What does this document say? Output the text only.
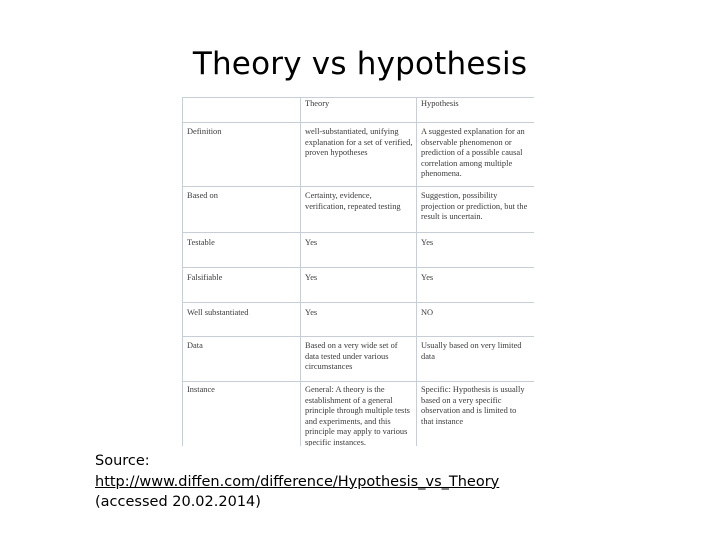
Theory vs hypothesis
	Theory	Hypothesis
Definition	well-substantiated, unifying explanation for a set of verified, proven hypotheses	A suggested explanation for an observable phenomenon or prediction of a possible causal correlation among multiple phenomena.
Based on	Certainty, evidence, verification, repeated testing	Suggestion, possibility projection or prediction, but the result is uncertain.
Testable	Yes	Yes
Falsifiable	Yes	Yes
Well substantiated	Yes	NO
Data	Based on a very wide set of data tested under various circumstances	Usually based on very limited data
Instance	General: A theory is the establishment of a general principle through multiple tests and experiments, and this principle may apply to various specific instances.	Specific: Hypothesis is usually based on a very specific observation and is limited to that instance
Source:
http://www.diffen.com/difference/Hypothesis_vs_Theory
(accessed 20.02.2014)
